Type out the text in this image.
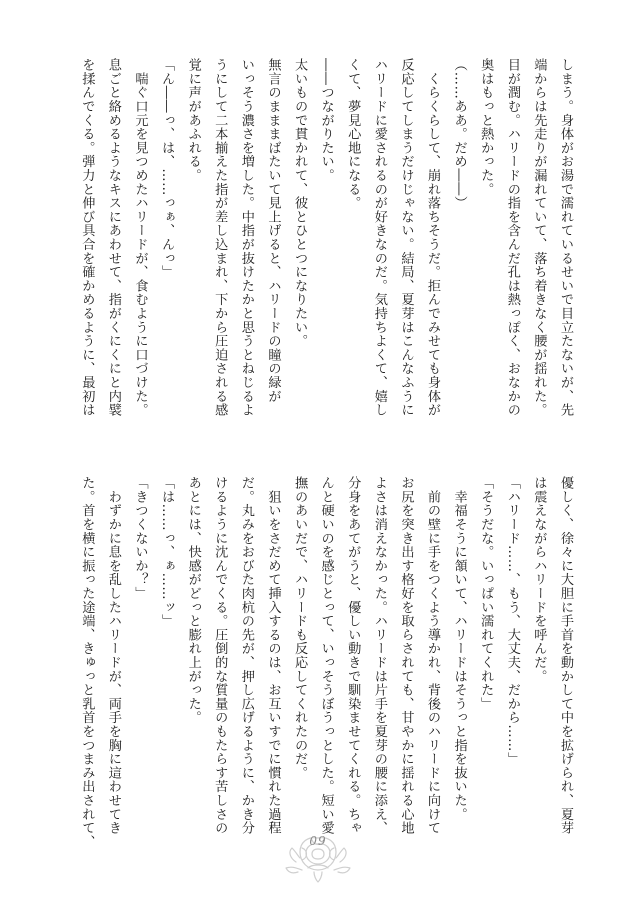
しまう。身体がお湯で濡れているせいで目立たないが、先
端からは先走りが漏れていて、落ち着きなく腰が揺れた。
目が潤む。ハリードの指を含んだ孔は熱っぽく、おなかの
奥はもっと熱かった。
（……ああ。だめ――）
　くらくらして、崩れ落ちそうだ。拒んでみせても身体が
反応してしまうだけじゃない。結局、夏芽はこんなふうに
ハリードに愛されるのが好きなのだ。気持ちよくて、嬉し
くて、夢見心地になる。
――つながりたい。
太いもので貫かれて、彼とひとつになりたい。
無言のまままばたいて見上げると、ハリードの瞳の緑が
いっそう濃さを増した。中指が抜けたかと思うとねじるよ
うにして二本揃えた指が差し込まれ、下から圧迫される感
覚に声があふれる。
「ん――っ、は、……っぁ、んっ」
　喘ぐ口元を見つめたハリードが、食むように口づけた。
息ごと絡めるようなキスにあわせて、指がくにくにと内襞
を揉んでくる。弾力と伸び具合を確かめるように、最初は
優しく、徐々に大胆に手首を動かして中を拡げられ、夏芽
は震えながらハリードを呼んだ。
「ハリード……、もう、大丈夫、だから……」
「そうだな。いっぱい濡れてくれた」
　幸福そうに頷いて、ハリードはそうっと指を抜いた。
　前の壁に手をつくよう導かれ、背後のハリードに向けて
お尻を突き出す格好を取らされても、甘やかに揺れる心地
よさは消えなかった。ハリードは片手を夏芽の腰に添え、
分身をあてがうと、優しい動きで馴染ませてくれる。ちゃ
んと硬いのを感じとって、いっそうぼうっとした。短い愛
撫のあいだで、ハリードも反応してくれたのだ。
　狙いをさだめて挿入するのは、お互いすでに慣れた過程
だ。丸みをおびた肉杭の先が、押し広げるように、かき分
けるように沈んでくる。圧倒的な質量のもたらす苦しさの
あとには、快感がどっと膨れ上がった。
「は……っ、ぁ……ッ」
「きつくないか？」
　わずかに息を乱したハリードが、両手を胸に這わせてき
た。首を横に振った途端、きゅっと乳首をつまみ出されて、	09
